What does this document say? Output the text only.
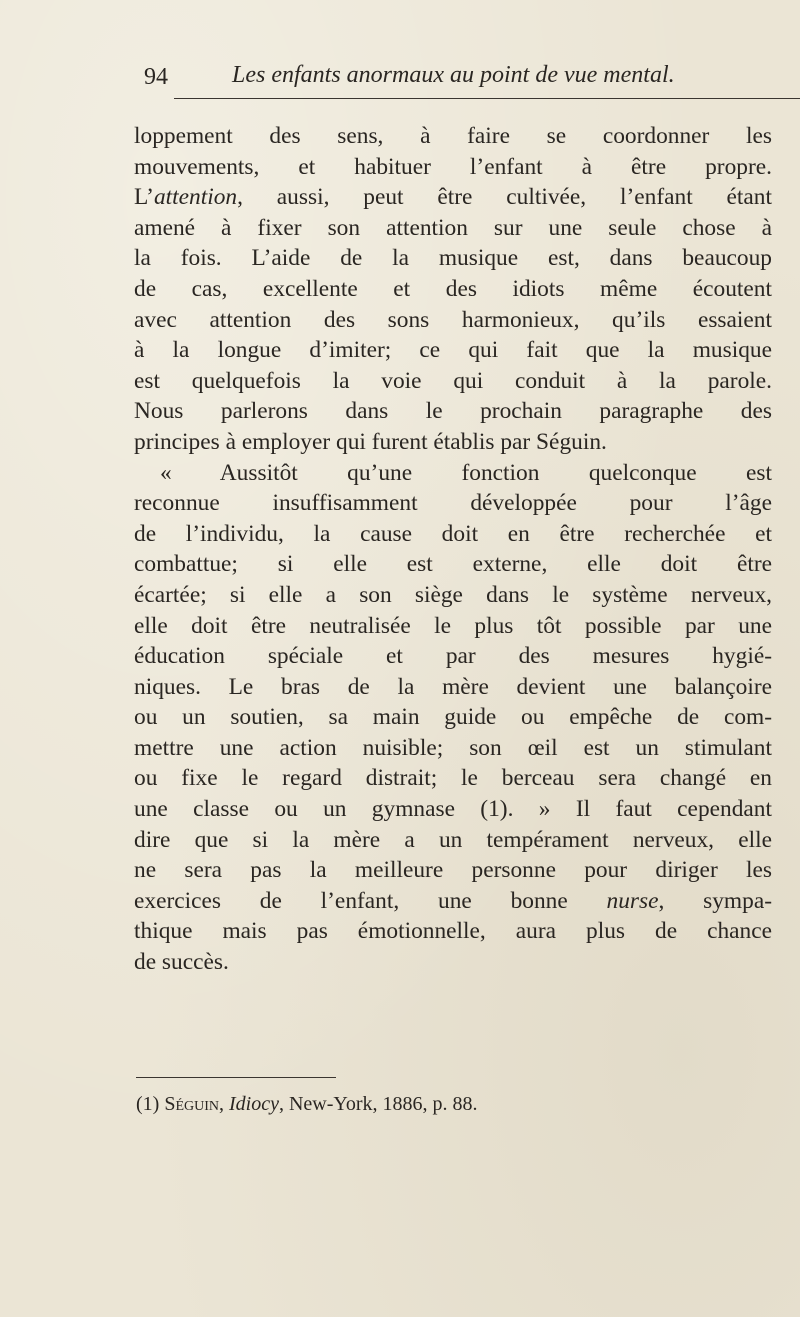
94	Les enfants anormaux au point de vue mental.
loppement des sens, à faire se coordonner les
mouvements, et habituer l’enfant à être propre.
L’attention, aussi, peut être cultivée, l’enfant étant
amené à fixer son attention sur une seule chose à
la fois. L’aide de la musique est, dans beaucoup
de cas, excellente et des idiots même écoutent
avec attention des sons harmonieux, qu’ils essaient
à la longue d’imiter; ce qui fait que la musique
est quelquefois la voie qui conduit à la parole.
Nous parlerons dans le prochain paragraphe des
principes à employer qui furent établis par Séguin.
« Aussitôt qu’une fonction quelconque est
reconnue insuffisamment développée pour l’âge
de l’individu, la cause doit en être recherchée et
combattue; si elle est externe, elle doit être
écartée; si elle a son siège dans le système nerveux,
elle doit être neutralisée le plus tôt possible par une
éducation spéciale et par des mesures hygié-
niques. Le bras de la mère devient une balançoire
ou un soutien, sa main guide ou empêche de com-
mettre une action nuisible; son œil est un stimulant
ou fixe le regard distrait; le berceau sera changé en
une classe ou un gymnase (1). » Il faut cependant
dire que si la mère a un tempérament nerveux, elle
ne sera pas la meilleure personne pour diriger les
exercices de l’enfant, une bonne nurse, sympa-
thique mais pas émotionnelle, aura plus de chance
de succès.
(1) Séguin, Idiocy, New-York, 1886, p. 88.
